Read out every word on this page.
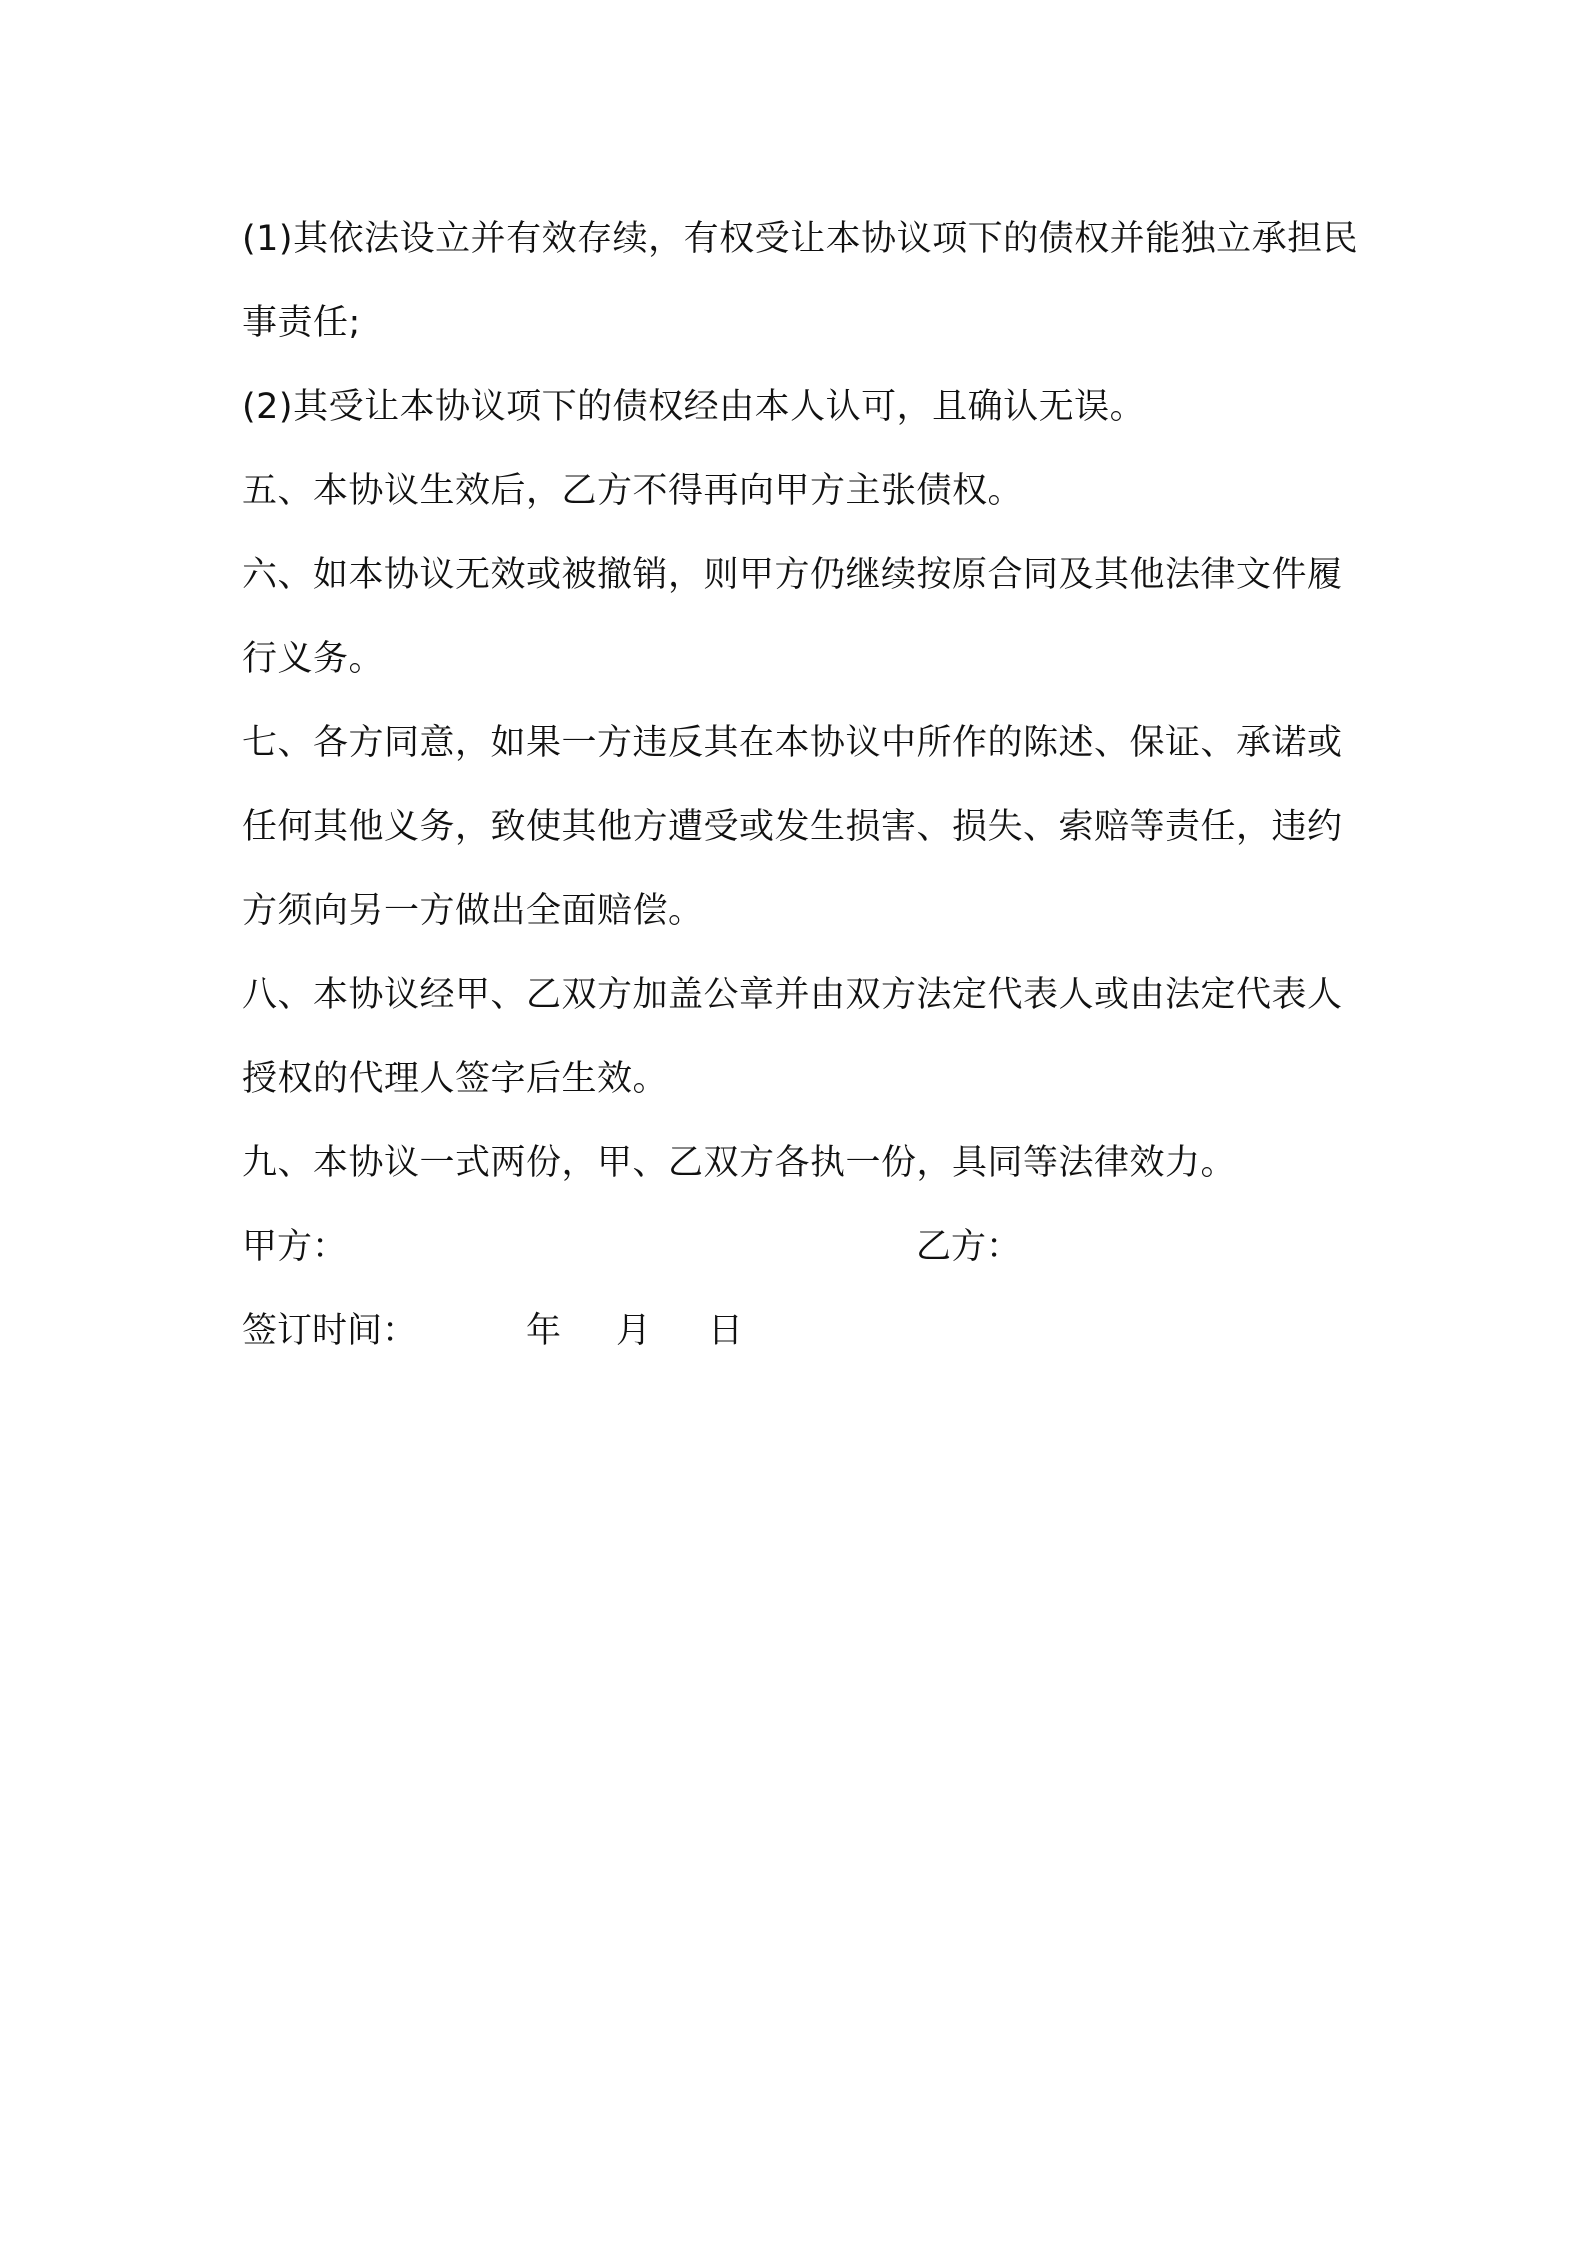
(1)其依法设立并有效存续，有权受让本协议项下的债权并能独立承担民事责任;

(2)其受让本协议项下的债权经由本人认可，且确认无误。

五、本协议生效后，乙方不得再向甲方主张债权。

六、如本协议无效或被撤销，则甲方仍继续按原合同及其他法律文件履行义务。

七、各方同意，如果一方违反其在本协议中所作的陈述、保证、承诺或任何其他义务，致使其他方遭受或发生损害、损失、索赔等责任，违约方须向另一方做出全面赔偿。

八、本协议经甲、乙双方加盖公章并由双方法定代表人或由法定代表人授权的代理人签字后生效。

九、本协议一式两份，甲、乙双方各执一份，具同等法律效力。

甲方：	乙方：
签订时间：	年 月 日
